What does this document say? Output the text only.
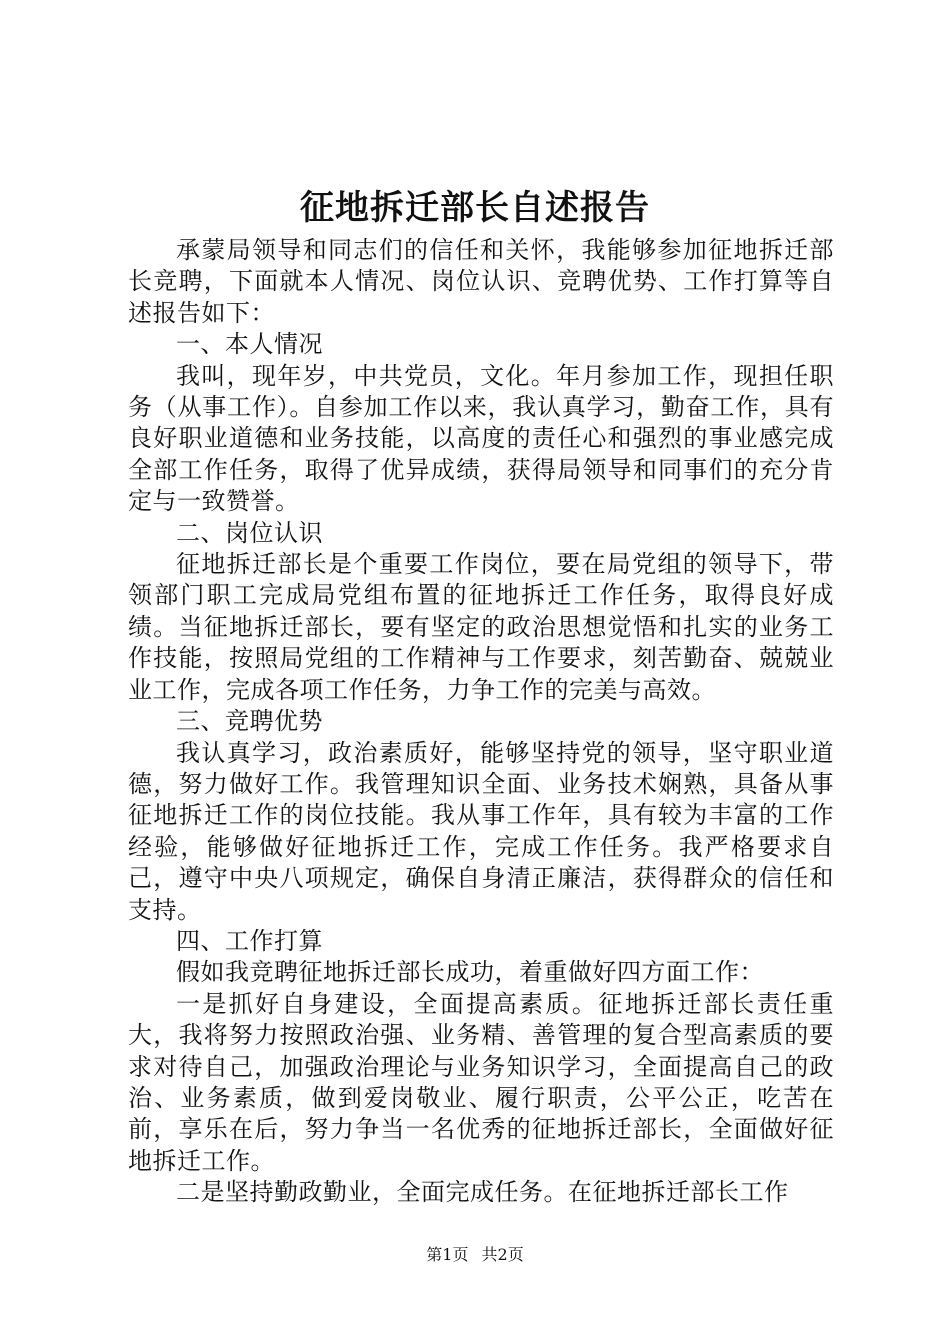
征地拆迁部长自述报告

承蒙局领导和同志们的信任和关怀，我能够参加征地拆迁部长竞聘，下面就本人情况、岗位认识、竞聘优势、工作打算等自述报告如下：

一、本人情况

我叫，现年岁，中共党员，文化。年月参加工作，现担任职务（从事工作）。自参加工作以来，我认真学习，勤奋工作，具有良好职业道德和业务技能，以高度的责任心和强烈的事业感完成全部工作任务，取得了优异成绩，获得局领导和同事们的充分肯定与一致赞誉。

二、岗位认识

征地拆迁部长是个重要工作岗位，要在局党组的领导下，带领部门职工完成局党组布置的征地拆迁工作任务，取得良好成绩。当征地拆迁部长，要有坚定的政治思想觉悟和扎实的业务工作技能，按照局党组的工作精神与工作要求，刻苦勤奋、兢兢业业工作，完成各项工作任务，力争工作的完美与高效。

三、竞聘优势

我认真学习，政治素质好，能够坚持党的领导，坚守职业道德，努力做好工作。我管理知识全面、业务技术娴熟，具备从事征地拆迁工作的岗位技能。我从事工作年，具有较为丰富的工作经验，能够做好征地拆迁工作，完成工作任务。我严格要求自己，遵守中央八项规定，确保自身清正廉洁，获得群众的信任和支持。

四、工作打算

假如我竞聘征地拆迁部长成功，着重做好四方面工作：

一是抓好自身建设，全面提高素质。征地拆迁部长责任重大，我将努力按照政治强、业务精、善管理的复合型高素质的要求对待自己，加强政治理论与业务知识学习，全面提高自己的政治、业务素质，做到爱岗敬业、履行职责，公平公正，吃苦在前，享乐在后，努力争当一名优秀的征地拆迁部长，全面做好征地拆迁工作。

二是坚持勤政勤业，全面完成任务。在征地拆迁部长工作

第1页 共2页
